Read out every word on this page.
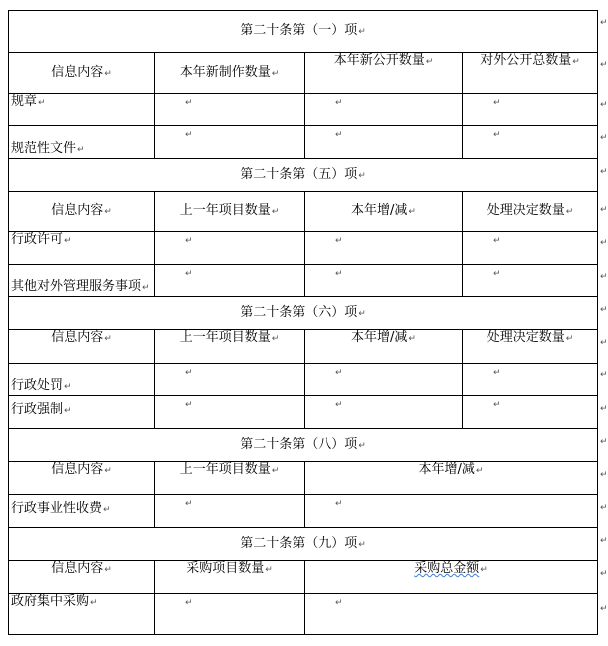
第二十条第（一）项↵			
信息内容↵	本年新制作数量↵	本年新公开数量↵	对外公开总数量↵
规章↵	↵	↵	↵
规范性文件↵	↵	↵	↵
第二十条第（五）项↵			
信息内容↵	上一年项目数量↵	本年增/减↵	处理决定数量↵
行政许可↵	↵	↵	↵
其他对外管理服务事项↵	↵	↵	↵
第二十条第（六）项↵			
信息内容↵	上一年项目数量↵	本年增/减↵	处理决定数量↵
行政处罚↵	↵	↵	↵
行政强制↵	↵	↵	↵
第二十条第（八）项↵			
信息内容↵	上一年项目数量↵	本年增/减↵	
行政事业性收费↵	↵	↵	
第二十条第（九）项↵			
信息内容↵	采购项目数量↵	采购总金额↵	
政府集中采购↵	↵	↵	
↵
↵
↵
↵
↵
↵
↵
↵
↵
↵
↵
↵
↵
↵
↵
↵
↵
↵
